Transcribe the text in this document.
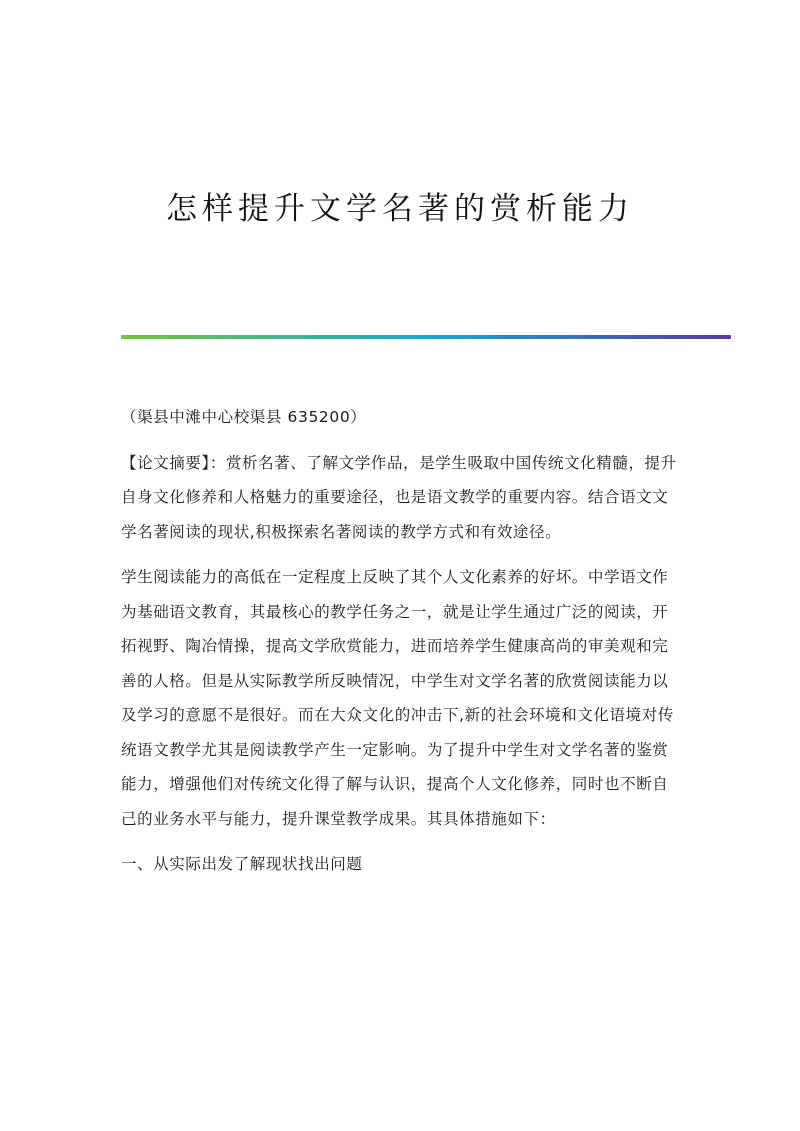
怎样提升文学名著的赏析能力

（渠县中滩中心校渠县 635200）

【论文摘要】：赏析名著、了解文学作品，是学生吸取中国传统文化精髓，提升自身文化修养和人格魅力的重要途径，也是语文教学的重要内容。结合语文文学名著阅读的现状,积极探索名著阅读的教学方式和有效途径。

学生阅读能力的高低在一定程度上反映了其个人文化素养的好坏。中学语文作为基础语文教育，其最核心的教学任务之一，就是让学生通过广泛的阅读，开拓视野、陶冶情操，提高文学欣赏能力，进而培养学生健康高尚的审美观和完善的人格。但是从实际教学所反映情况，中学生对文学名著的欣赏阅读能力以及学习的意愿不是很好。而在大众文化的冲击下,新的社会环境和文化语境对传统语文教学尤其是阅读教学产生一定影响。为了提升中学生对文学名著的鉴赏能力，增强他们对传统文化得了解与认识，提高个人文化修养，同时也不断自己的业务水平与能力，提升课堂教学成果。其具体措施如下：

一、从实际出发了解现状找出问题
